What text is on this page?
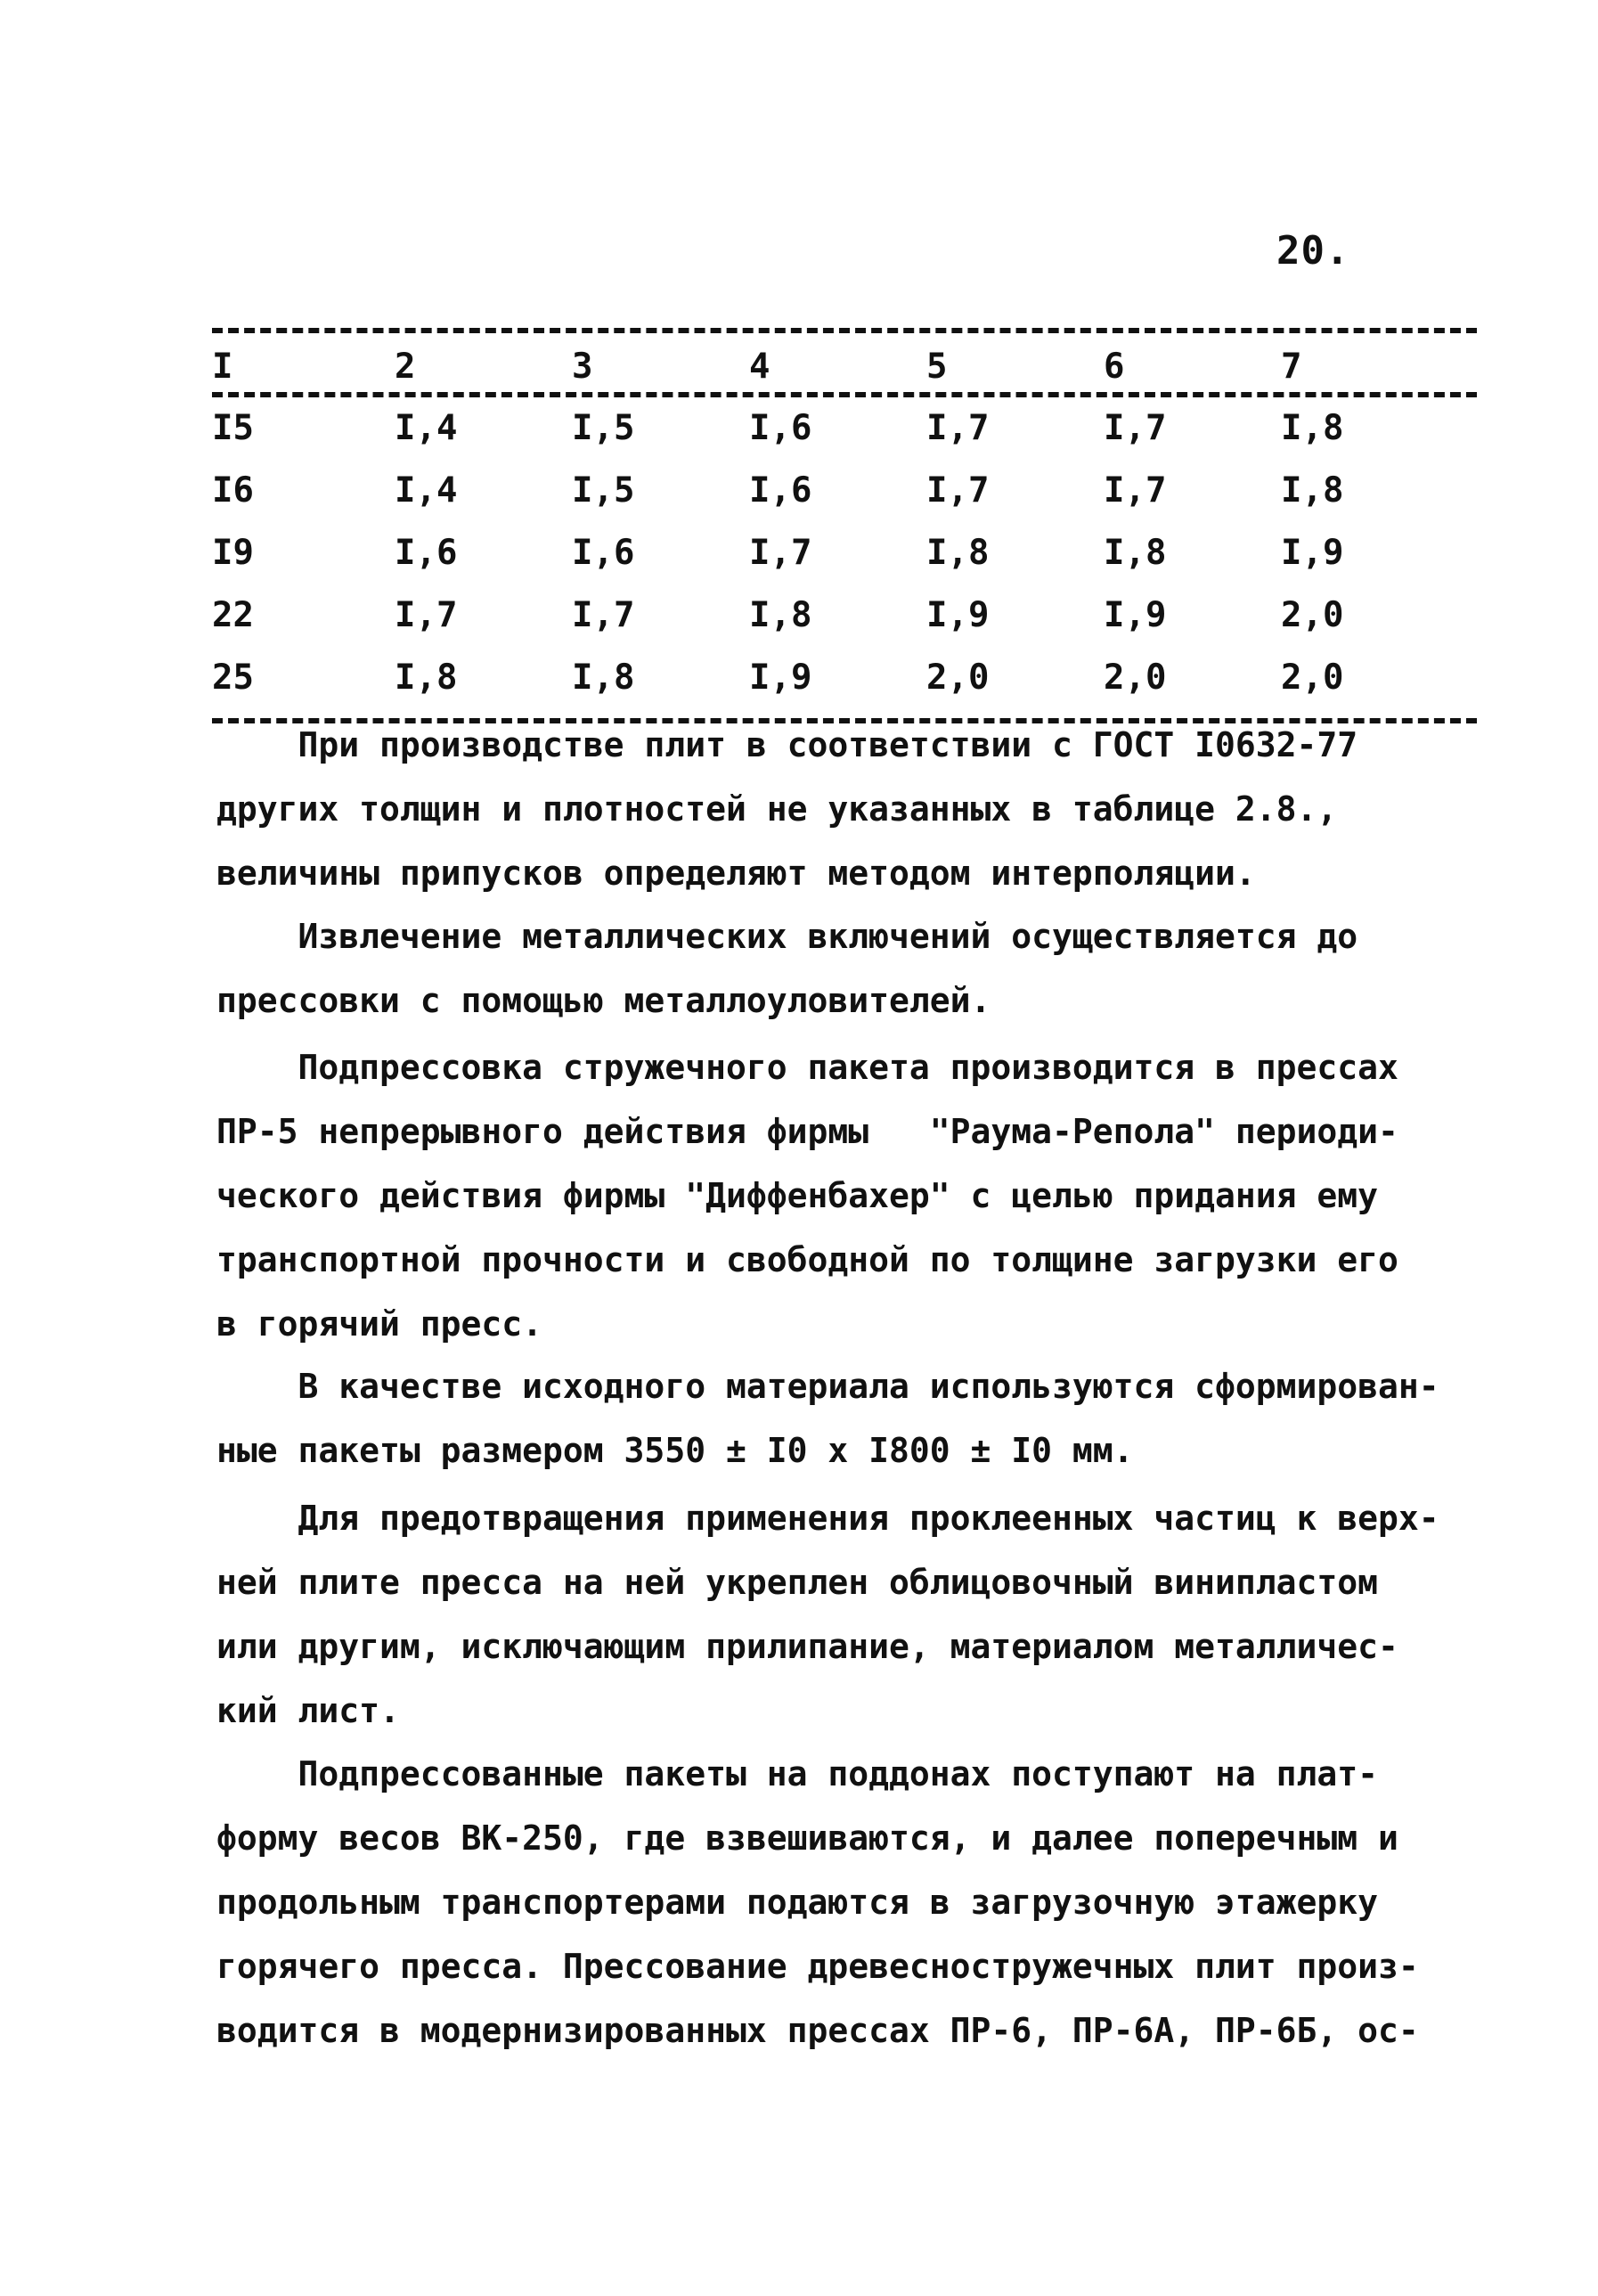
20.
I	2	3	4	5	6	7
I5	I,4	I,5	I,6	I,7	I,7	I,8
I6	I,4	I,5	I,6	I,7	I,7	I,8
I9	I,6	I,6	I,7	I,8	I,8	I,9
22	I,7	I,7	I,8	I,9	I,9	2,0
25	I,8	I,8	I,9	2,0	2,0	2,0
При производстве плит в соответствии с ГОСТ I0632-77
других толщин и плотностей не указанных в таблице 2.8.,
величины припусков определяют методом интерполяции.
Извлечение металлических включений осуществляется до
прессовки с помощью металлоуловителей.
Подпрессовка стружечного пакета производится в прессах
ПР-5 непрерывного действия фирмы   "Раума-Репола" периоди-
ческого действия фирмы "Диффенбахер" с целью придания ему
транспортной прочности и свободной по толщине загрузки его
в горячий пресс.
В качестве исходного материала используются сформирован-
ные пакеты размером 3550 ± I0 х I800 ± I0 мм.
Для предотвращения применения проклеенных частиц к верх-
ней плите пресса на ней укреплен облицовочный винипластом
или другим, исключающим прилипание, материалом металличес-
кий лист.
Подпрессованные пакеты на поддонах поступают на плат-
форму весов ВК-250, где взвешиваются, и далее поперечным и
продольным транспортерами подаются в загрузочную этажерку
горячего пресса. Прессование древесностружечных плит произ-
водится в модернизированных прессах ПР-6, ПР-6А, ПР-6Б, ос-
